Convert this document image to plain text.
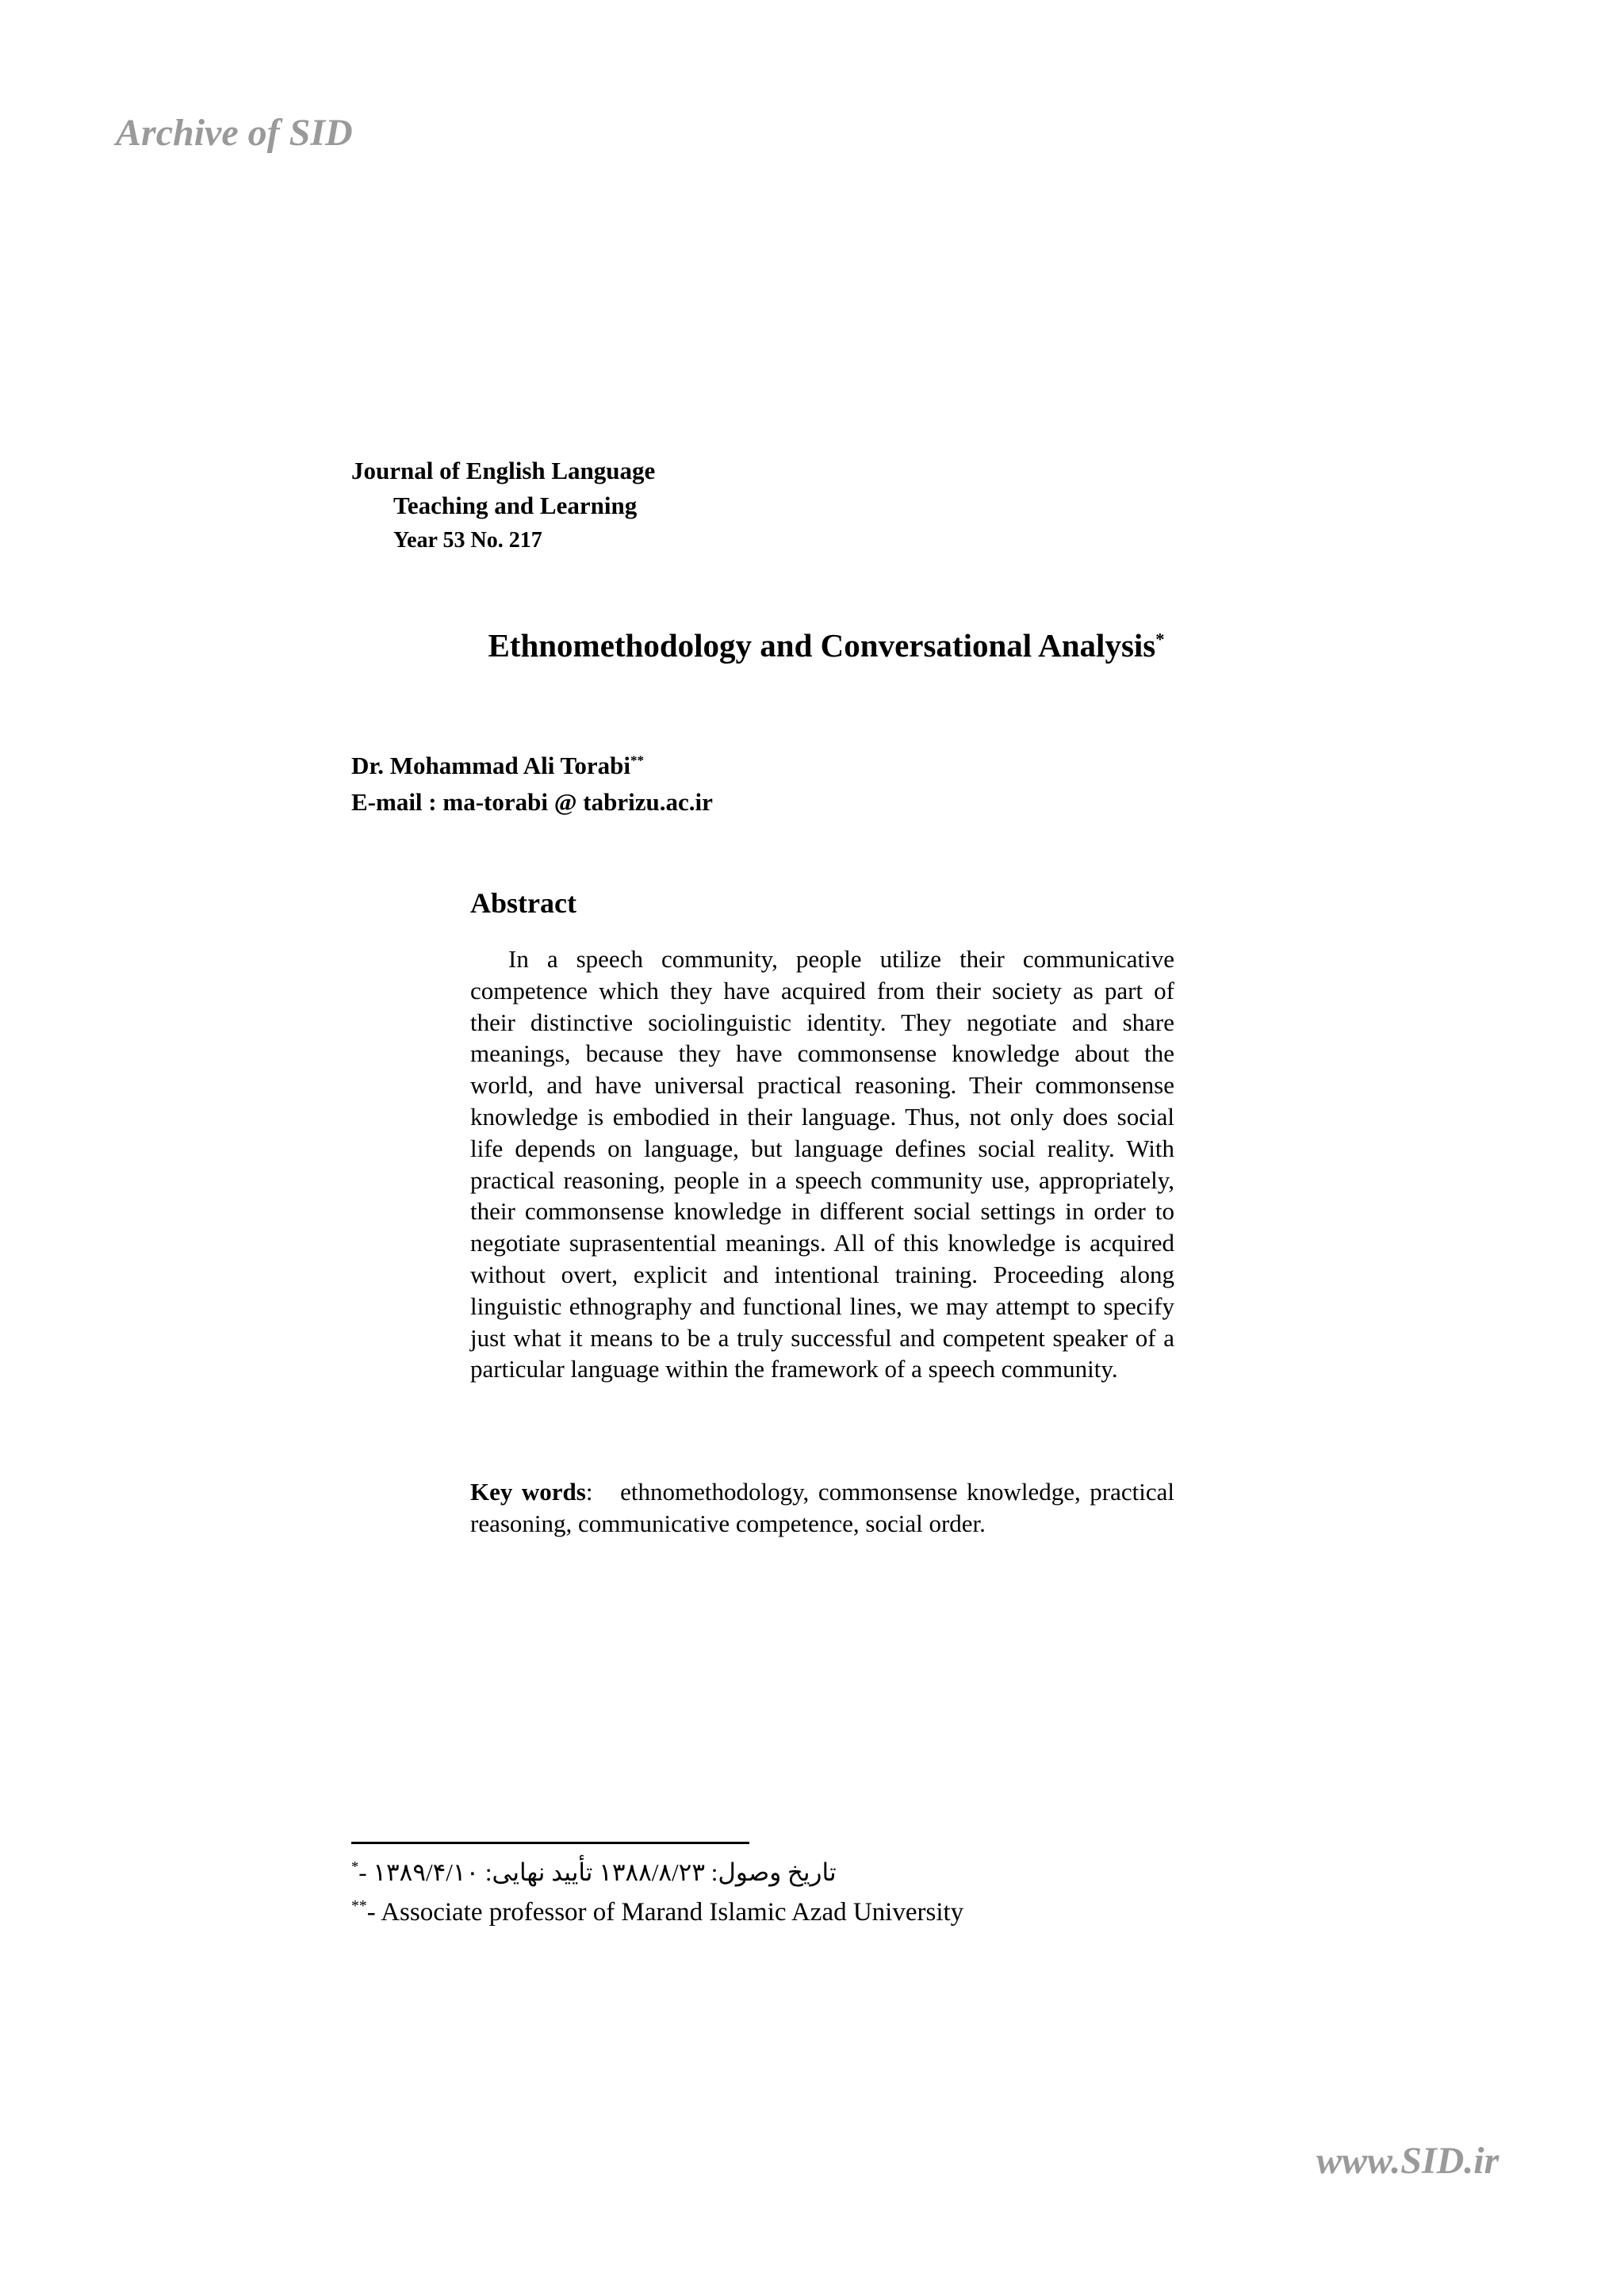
Archive of SID
Journal of English Language
Teaching and Learning
Year 53 No. 217
Ethnomethodology and Conversational Analysis*
Dr. Mohammad Ali Torabi**
E-mail : ma-torabi @ tabrizu.ac.ir
Abstract

In a speech community, people utilize their communicative competence which they have acquired from their society as part of their distinctive sociolinguistic identity. They negotiate and share meanings, because they have commonsense knowledge about the world, and have universal practical reasoning. Their commonsense knowledge is embodied in their language. Thus, not only does social life depends on language, but language defines social reality. With practical reasoning, people in a speech community use, appropriately, their commonsense knowledge in different social settings in order to negotiate suprasentential meanings. All of this knowledge is acquired without overt, explicit and intentional training. Proceeding along linguistic ethnography and functional lines, we may attempt to specify just what it means to be a truly successful and competent speaker of a particular language within the framework of a speech community.

Key words: ethnomethodology, commonsense knowledge, practical reasoning, communicative competence, social order.

*تاریخ وصول: ۱۳۸۸/۸/۲۳ تأیید نهایی: ۱۳۸۹/۴/۱۰ -
**- Associate professor of Marand Islamic Azad University
www.SID.ir
